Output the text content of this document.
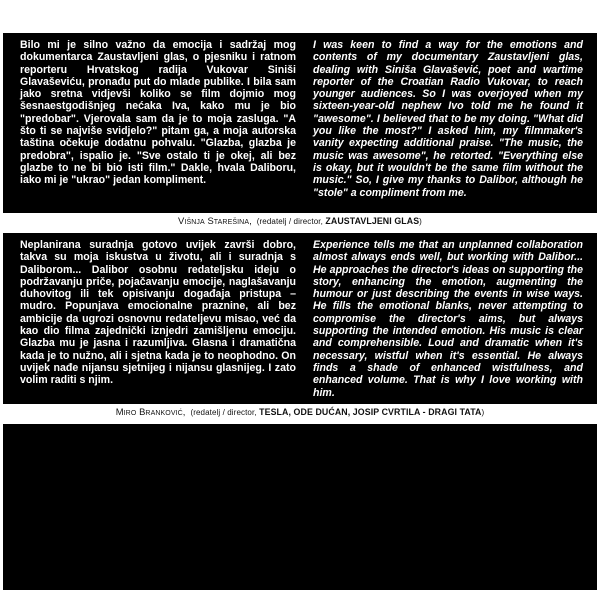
Bilo mi je silno važno da emocija i sadržaj mog dokumentarca Zaustavljeni glas, o pjesniku i ratnom reporteru Hrvatskog radija Vukovar Siniši Glavaševiću, pronađu put do mlade publike. I bila sam jako sretna vidjevši koliko se film dojmio mog šesnaestgodišnjeg nećaka Iva, kako mu je bio "predobar". Vjerovala sam da je to moja zasluga. "A što ti se najviše svidjelo?" pitam ga, a moja autorska taština očekuje dodatnu pohvalu. "Glazba, glazba je predobra", ispalio je. "Sve ostalo ti je okej, ali bez glazbe to ne bi bio isti film." Dakle, hvala Daliboru, iako mi je "ukrao" jedan kompliment.
I was keen to find a way for the emotions and contents of my documentary Zaustavljeni glas, dealing with Siniša Glavašević, poet and wartime reporter of the Croatian Radio Vukovar, to reach younger audiences. So I was overjoyed when my sixteen-year-old nephew Ivo told me he found it "awesome". I believed that to be my doing. "What did you like the most?" I asked him, my filmmaker's vanity expecting additional praise. "The music, the music was awesome", he retorted. "Everything else is okay, but it wouldn't be the same film without the music." So, I give my thanks to Dalibor, although he "stole" a compliment from me.
Višnja Starešina, (redatelj / director, ZAUSTAVLJENI GLAS)
Neplanirana suradnja gotovo uvijek završi dobro, takva su moja iskustva u životu, ali i suradnja s Daliborom... Dalibor osobnu redateljsku ideju o podržavanju priče, pojačavanju emocije, naglašavanju duhovitog ili tek opisivanju događaja pristupa – mudro. Popunjava emocionalne praznine, ali bez ambicije da ugrozi osnovnu redateljevu misao, već da kao dio filma zajednički iznjedri zamišljenu emociju. Glazba mu je jasna i razumljiva. Glasna i dramatična kada je to nužno, ali i sjetna kada je to neophodno. On uvijek nađe nijansu sjetnijeg i nijansu glasnijeg. I zato volim raditi s njim.
Experience tells me that an unplanned collaboration almost always ends well, but working with Dalibor... He approaches the director's ideas on supporting the story, enhancing the emotion, augmenting the humour or just describing the events in wise ways. He fills the emotional blanks, never attempting to compromise the director's aims, but always supporting the intended emotion. His music is clear and comprehensible. Loud and dramatic when it's necessary, wistful when it's essential. He always finds a shade of enhanced wistfulness, and enhanced volume. That is why I love working with him.
Miro Branković, (redatelj / director, TESLA, ODE DUĆAN, JOSIP CVRTILA - DRAGI TATA)
